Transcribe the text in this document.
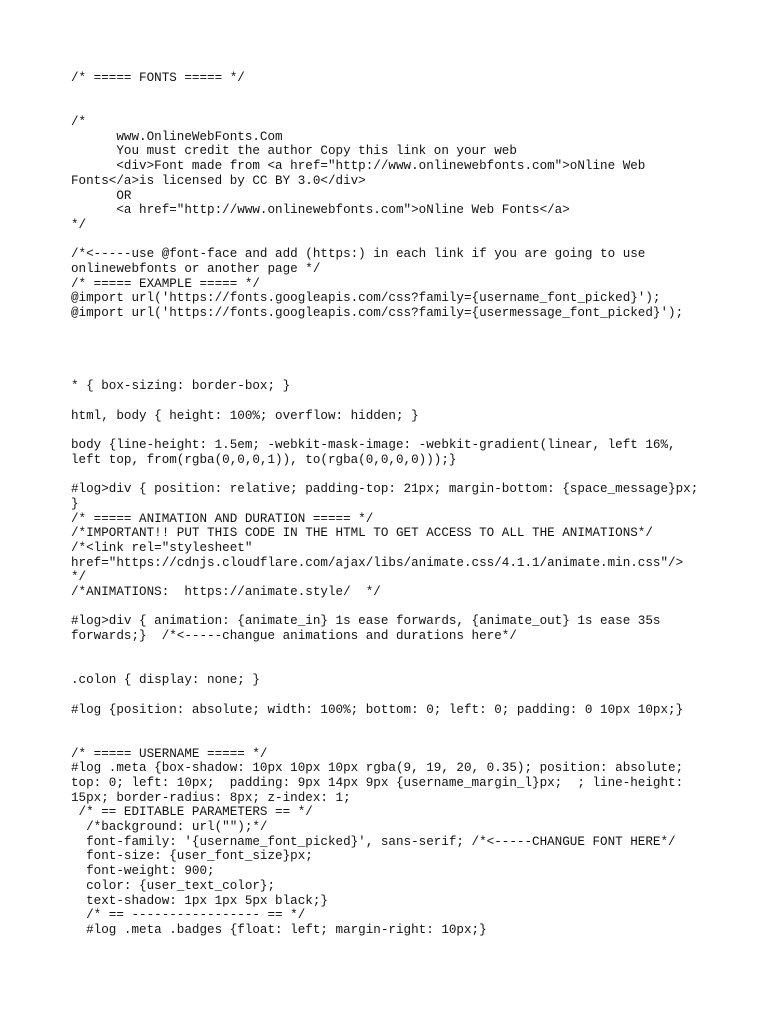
/* ===== FONTS ===== */
/*
www.OnlineWebFonts.Com
You must credit the author Copy this link on your web
<div>Font made from <a href="http://www.onlinewebfonts.com">oNline Web
Fonts</a>is licensed by CC BY 3.0</div>
OR
<a href="http://www.onlinewebfonts.com">oNline Web Fonts</a>
*/
/*<-----use @font-face and add (https:) in each link if you are going to use
onlinewebfonts or another page */
/* ===== EXAMPLE ===== */
@import url('https://fonts.googleapis.com/css?family={username_font_picked}');
@import url('https://fonts.googleapis.com/css?family={usermessage_font_picked}');
* { box-sizing: border-box; }
html, body { height: 100%; overflow: hidden; }
body {line-height: 1.5em; -webkit-mask-image: -webkit-gradient(linear, left 16%,
left top, from(rgba(0,0,0,1)), to(rgba(0,0,0,0)));}
#log>div { position: relative; padding-top: 21px; margin-bottom: {space_message}px;
}
/* ===== ANIMATION AND DURATION ===== */
/*IMPORTANT!! PUT THIS CODE IN THE HTML TO GET ACCESS TO ALL THE ANIMATIONS*/
/*<link rel="stylesheet"
href="https://cdnjs.cloudflare.com/ajax/libs/animate.css/4.1.1/animate.min.css"/>
*/
/*ANIMATIONS:  https://animate.style/  */
#log>div { animation: {animate_in} 1s ease forwards, {animate_out} 1s ease 35s
forwards;}  /*<-----changue animations and durations here*/
.colon { display: none; }
#log {position: absolute; width: 100%; bottom: 0; left: 0; padding: 0 10px 10px;}
/* ===== USERNAME ===== */
#log .meta {box-shadow: 10px 10px 10px rgba(9, 19, 20, 0.35); position: absolute;
top: 0; left: 10px;  padding: 9px 14px 9px {username_margin_l}px;  ; line-height:
15px; border-radius: 8px; z-index: 1;
/* == EDITABLE PARAMETERS == */
/*background: url("");*/
font-family: '{username_font_picked}', sans-serif; /*<-----CHANGUE FONT HERE*/
font-size: {user_font_size}px;
font-weight: 900;
color: {user_text_color};
text-shadow: 1px 1px 5px black;}
/* == ----------------- == */
#log .meta .badges {float: left; margin-right: 10px;}
